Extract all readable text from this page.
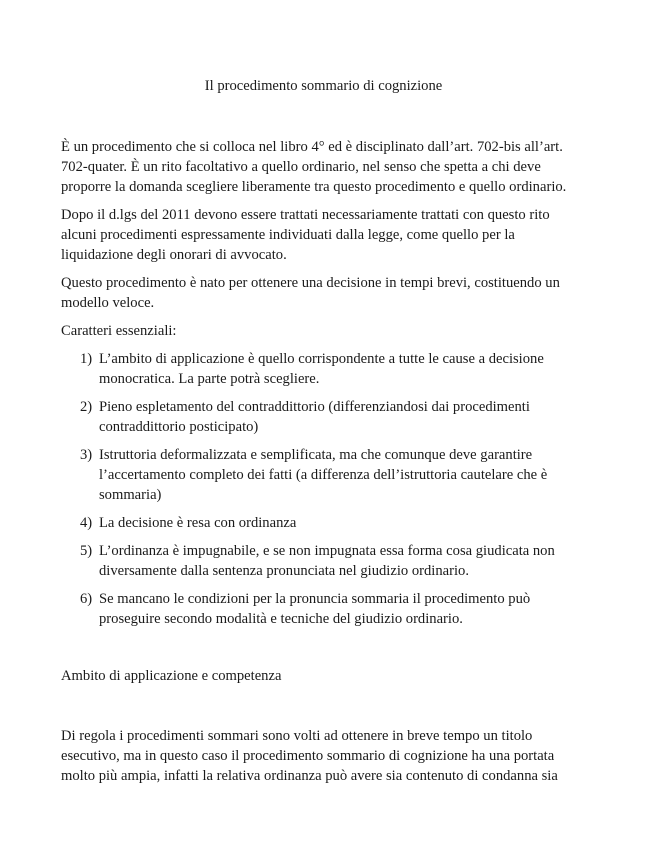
Il procedimento sommario di cognizione

È un procedimento che si colloca nel libro 4° ed è disciplinato dall’art. 702-bis all’art. 702-quater. È un rito facoltativo a quello ordinario, nel senso che spetta a chi deve proporre la domanda scegliere liberamente tra questo procedimento e quello ordinario.

Dopo il d.lgs del 2011 devono essere trattati necessariamente trattati con questo rito alcuni procedimenti espressamente individuati dalla legge, come quello per la liquidazione degli onorari di avvocato.

Questo procedimento è nato per ottenere una decisione in tempi brevi, costituendo un modello veloce.

Caratteri essenziali:

1) L’ambito di applicazione è quello corrispondente a tutte le cause a decisione monocratica. La parte potrà scegliere.
2) Pieno espletamento del contraddittorio (differenziandosi dai procedimenti contraddittorio posticipato)
3) Istruttoria deformalizzata e semplificata, ma che comunque deve garantire l’accertamento completo dei fatti (a differenza dell’istruttoria cautelare che è sommaria)
4) La decisione è resa con ordinanza
5) L’ordinanza è impugnabile, e se non impugnata essa forma cosa giudicata non diversamente dalla sentenza pronunciata nel giudizio ordinario.
6) Se mancano le condizioni per la pronuncia sommaria il procedimento può proseguire secondo modalità e tecniche del giudizio ordinario.

Ambito di applicazione e competenza

Di regola i procedimenti sommari sono volti ad ottenere in breve tempo un titolo esecutivo, ma in questo caso il procedimento sommario di cognizione ha una portata molto più ampia, infatti la relativa ordinanza può avere sia contenuto di condanna sia
